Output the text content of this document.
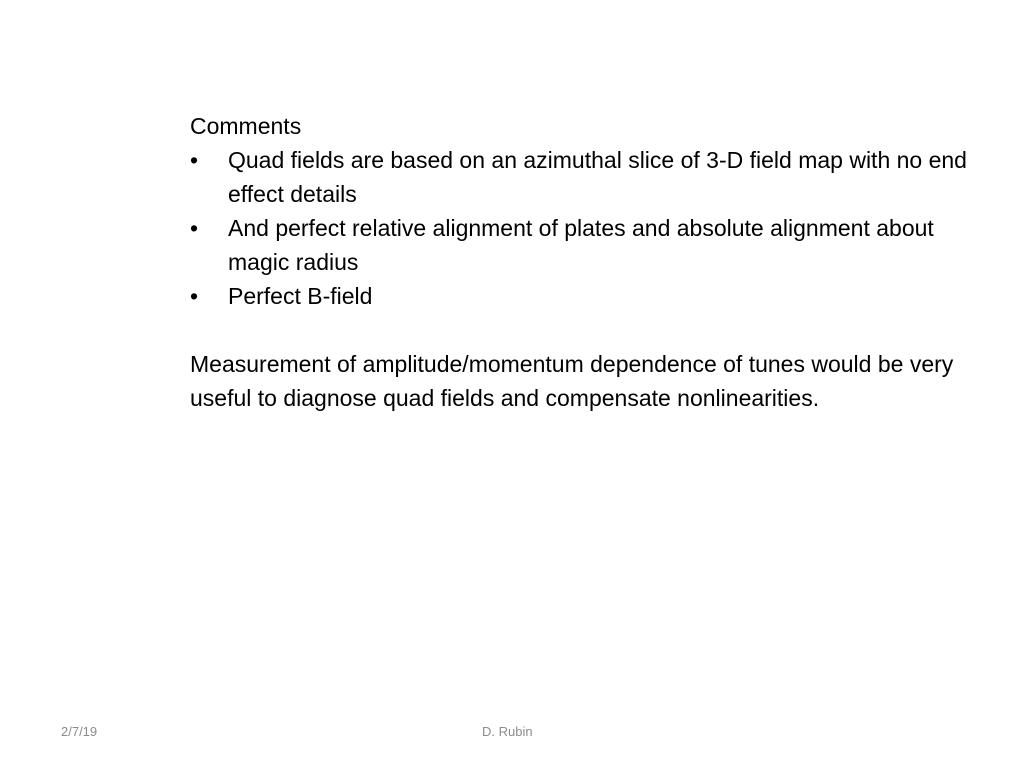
Comments

•	Quad fields are based on an azimuthal slice of 3-D field map with no end effect details
•	And perfect relative alignment of plates and absolute alignment about magic radius
•	Perfect B-field

Measurement of amplitude/momentum dependence of tunes would be very useful to diagnose quad fields and compensate nonlinearities.

2/7/19	D. Rubin
